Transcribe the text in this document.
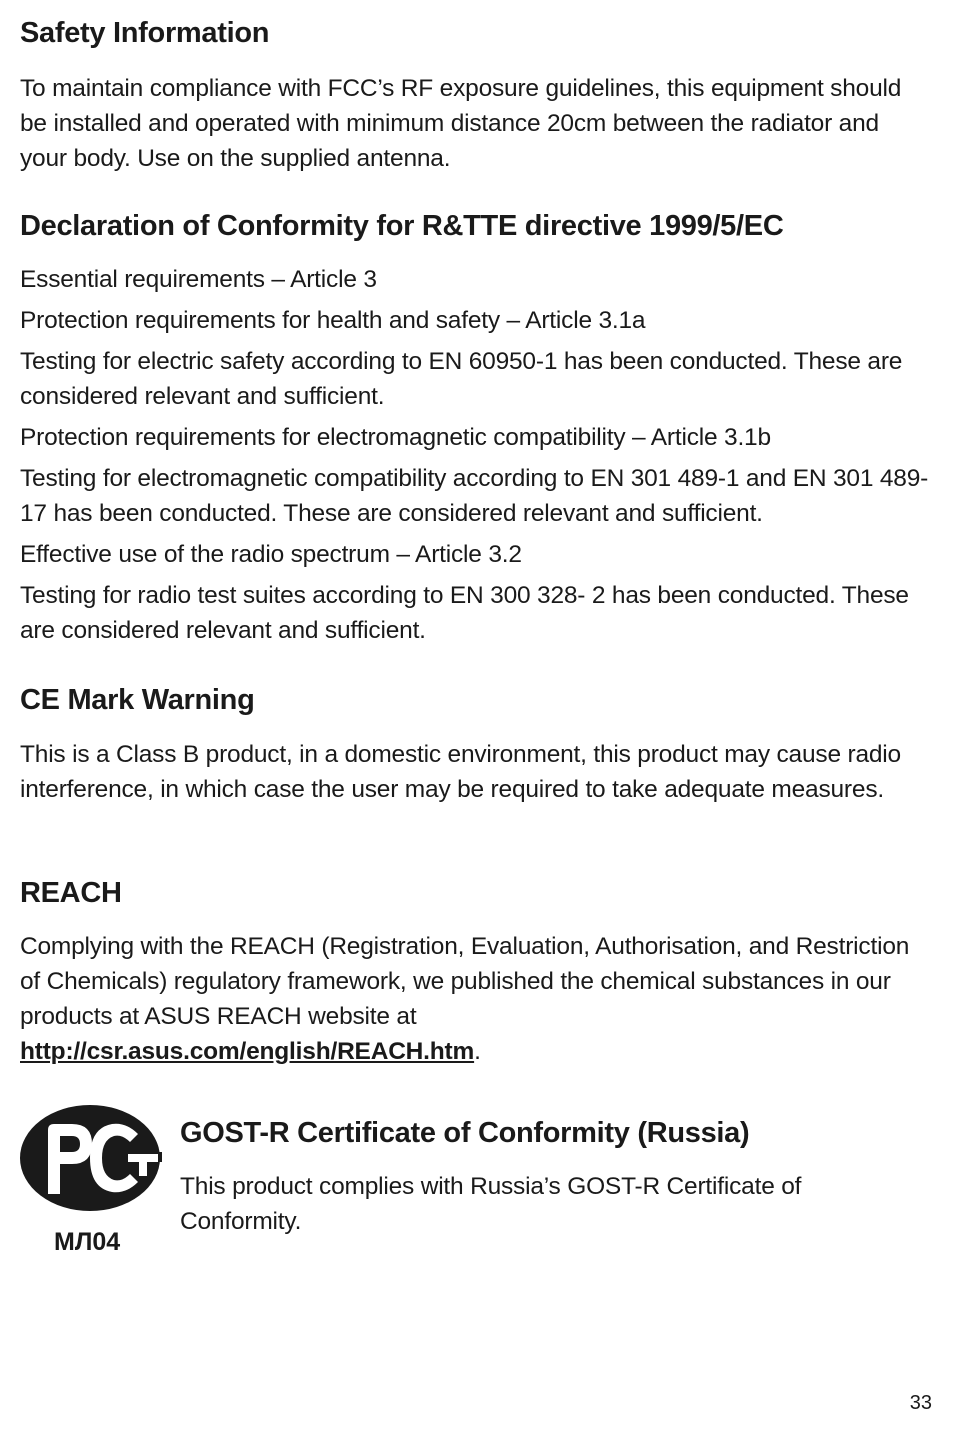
Safety Information

To maintain compliance with FCC’s RF exposure guidelines, this equipment should be installed and operated with minimum distance 20cm between the radiator and your body. Use on the supplied antenna.

Declaration of Conformity for R&TTE directive 1999/5/EC

Essential requirements – Article 3

Protection requirements for health and safety – Article 3.1a

Testing for electric safety according to EN 60950-1 has been conducted. These are considered relevant and sufficient.

Protection requirements for electromagnetic compatibility – Article 3.1b

Testing for electromagnetic compatibility according to EN 301 489-1 and EN 301 489-17 has been conducted. These are considered relevant and sufficient.

Effective use of the radio spectrum – Article 3.2

Testing for radio test suites according to EN 300 328- 2 has been conducted. These are considered relevant and sufficient.

CE Mark Warning

This is a Class B product, in a domestic environment, this product may cause radio interference, in which case the user may be required to take adequate measures.

REACH

Complying with the REACH (Registration, Evaluation, Authorisation, and Restriction of Chemicals) regulatory framework, we published the chemical substances in our products at ASUS REACH website at
http://csr.asus.com/english/REACH.htm.

МЛ04
GOST-R Certificate of Conformity (Russia)

This product complies with Russia’s GOST-R Certificate of Conformity.

33
